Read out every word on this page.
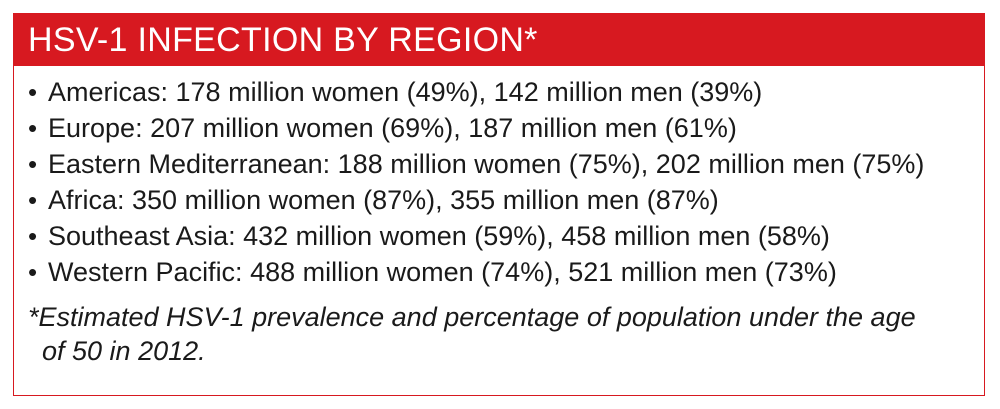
HSV-1 INFECTION BY REGION*
• Americas: 178 million women (49%), 142 million men (39%)
• Europe: 207 million women (69%), 187 million men (61%)
• Eastern Mediterranean: 188 million women (75%), 202 million men (75%)
• Africa: 350 million women (87%), 355 million men (87%)
• Southeast Asia: 432 million women (59%), 458 million men (58%)
• Western Pacific: 488 million women (74%), 521 million men (73%)
*Estimated HSV-1 prevalence and percentage of population under the age
of 50 in 2012.
